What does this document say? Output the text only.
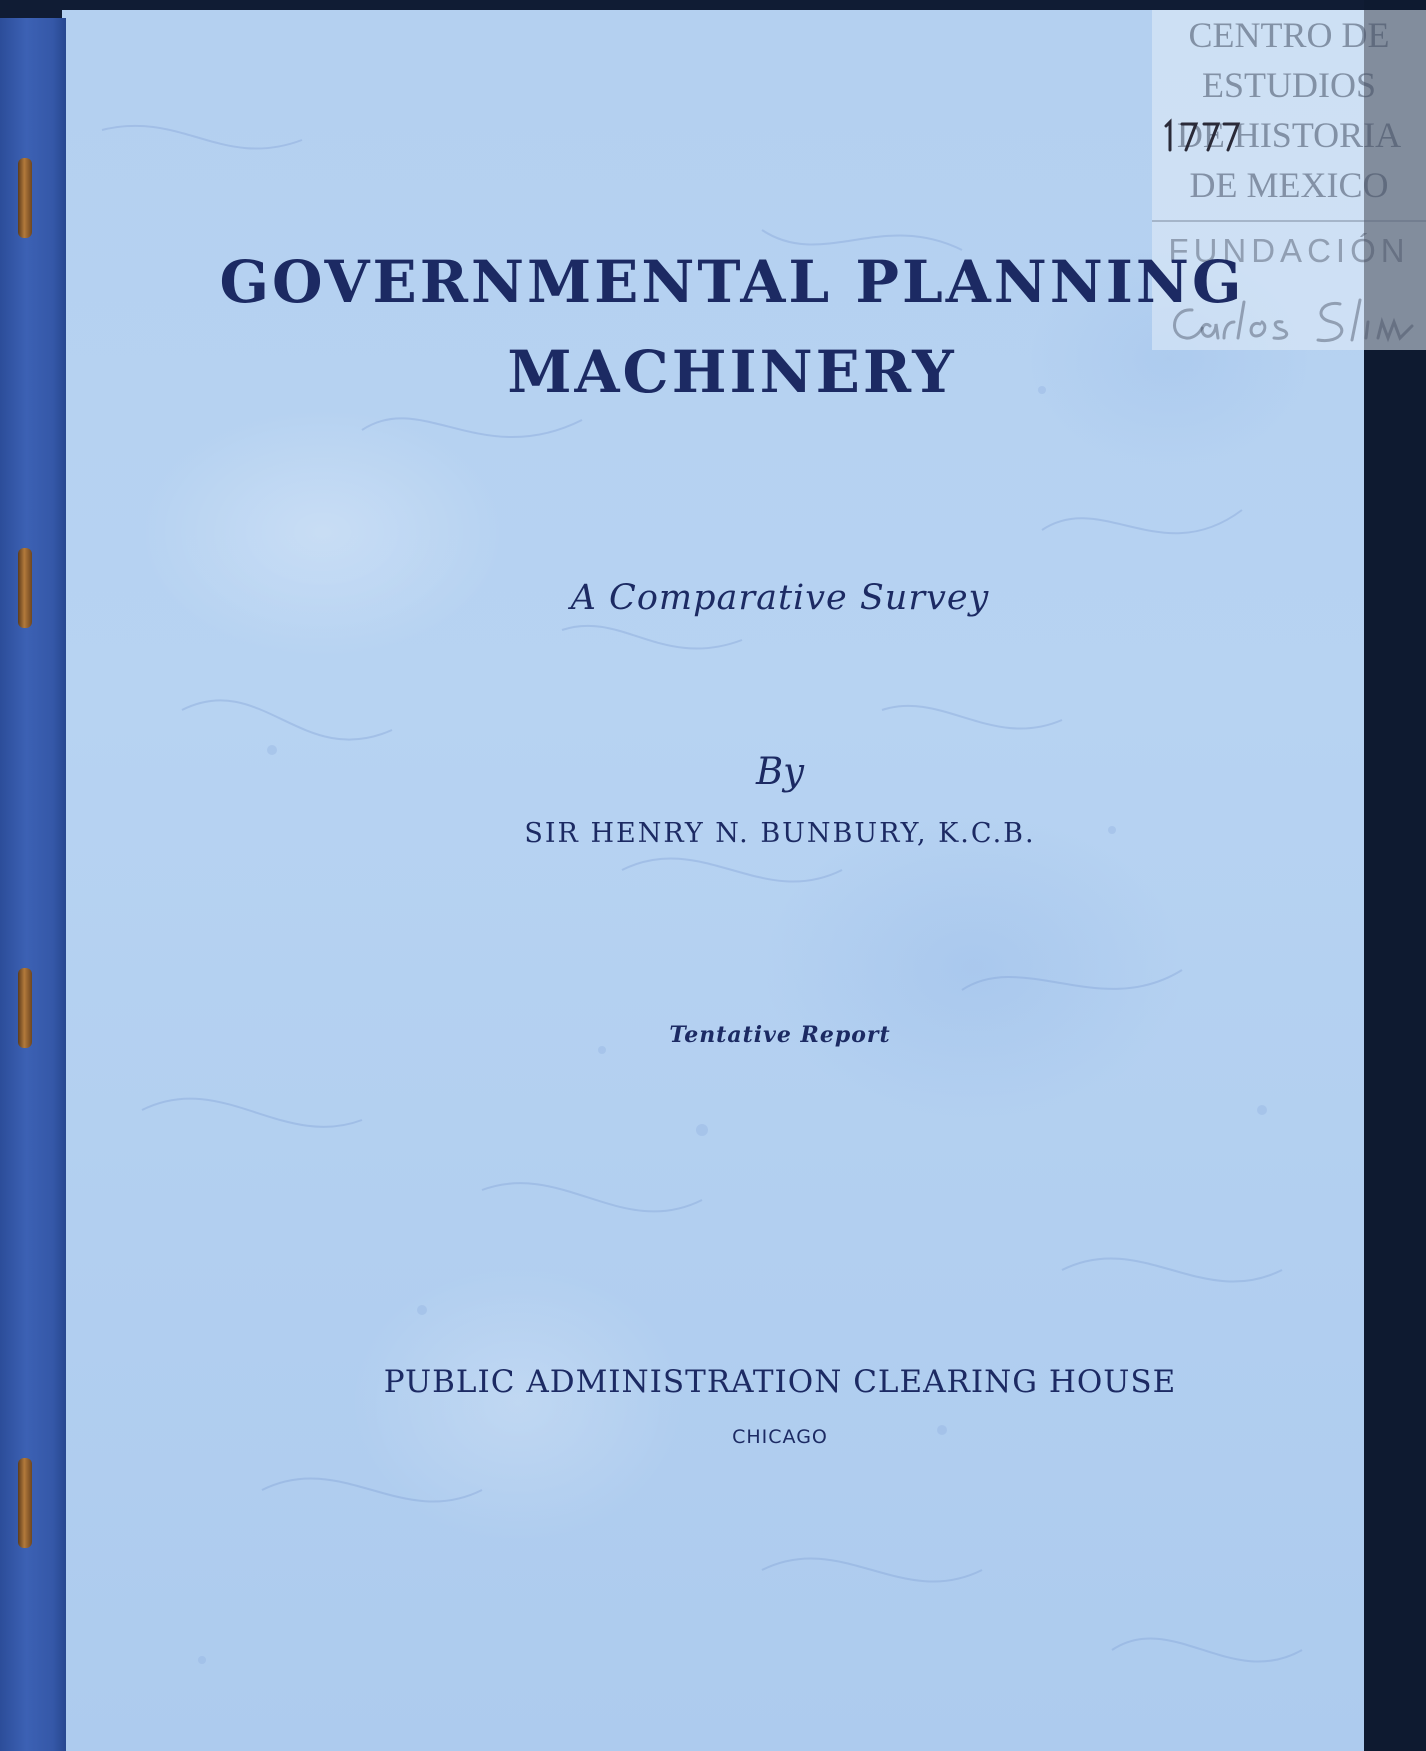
CENTRO DE

ESTUDIOS

DE HISTORIA

DE MEXICO

FUNDACIÓN

GOVERNMENTAL PLANNING
MACHINERY

A Comparative Survey

By

SIR HENRY N. BUNBURY, K.C.B.

Tentative Report

PUBLIC ADMINISTRATION CLEARING HOUSE

CHICAGO
